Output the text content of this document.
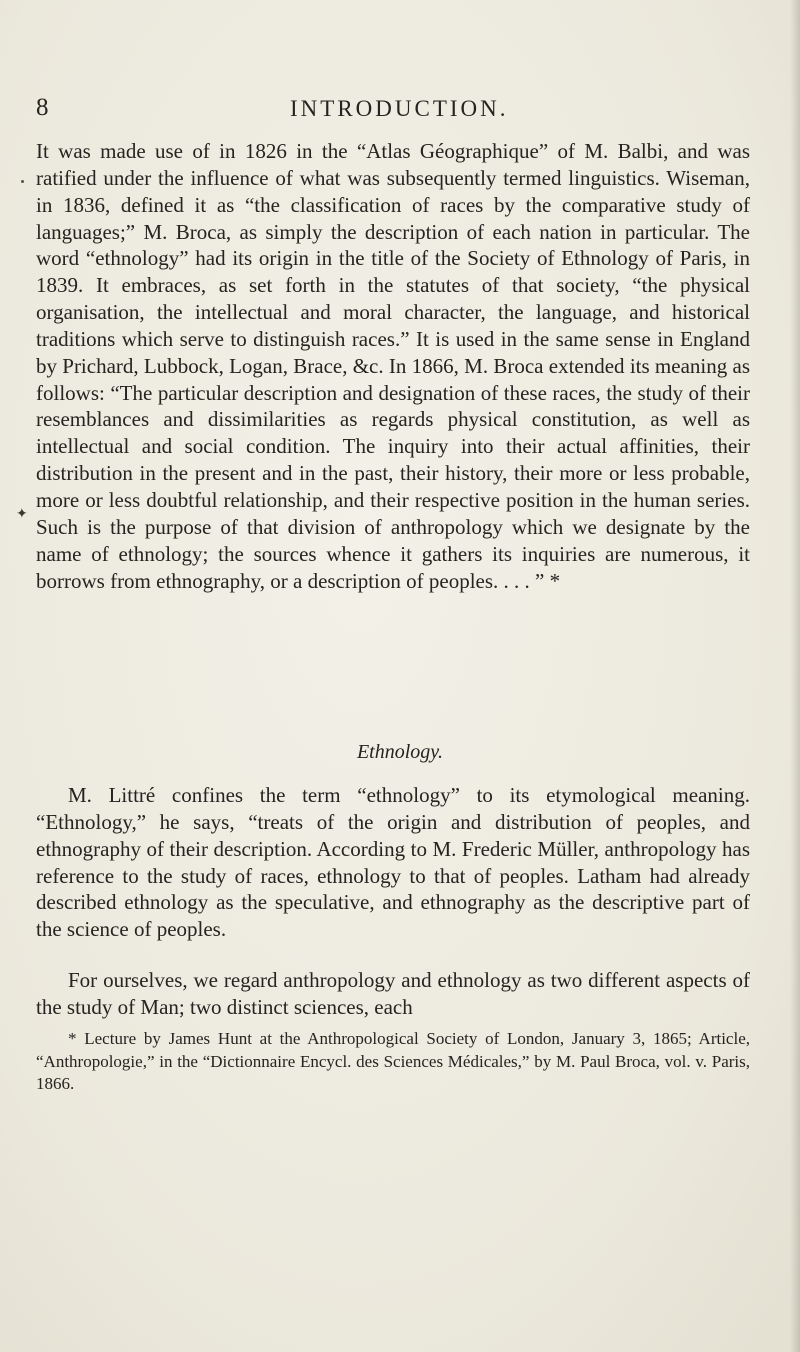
8	INTRODUCTION.
✦

It was made use of in 1826 in the “Atlas Géographique” of M. Balbi, and was ratified under the influence of what was subsequently termed linguistics. Wiseman, in 1836, defined it as “the classification of races by the comparative study of languages;” M. Broca, as simply the description of each nation in particular. The word “ethnology” had its origin in the title of the Society of Ethnology of Paris, in 1839. It embraces, as set forth in the statutes of that society, “the physical organisation, the intellectual and moral character, the language, and historical traditions which serve to distinguish races.” It is used in the same sense in England by Prichard, Lubbock, Logan, Brace, &c. In 1866, M. Broca extended its meaning as follows: “The particular description and designation of these races, the study of their resemblances and dissimilarities as regards physical constitution, as well as intellectual and social condition. The inquiry into their actual affinities, their distribution in the present and in the past, their history, their more or less probable, more or less doubtful relationship, and their respective position in the human series. Such is the purpose of that division of anthropology which we designate by the name of ethnology; the sources whence it gathers its inquiries are numerous, it borrows from ethnography, or a description of peoples. . . . ” *

Ethnology.

M. Littré confines the term “ethnology” to its etymological meaning. “Ethnology,” he says, “treats of the origin and distribution of peoples, and ethnography of their description. According to M. Frederic Müller, anthropology has reference to the study of races, ethnology to that of peoples. Latham had already described ethnology as the speculative, and ethnography as the descriptive part of the science of peoples.

For ourselves, we regard anthropology and ethnology as two different aspects of the study of Man; two distinct sciences, each

* Lecture by James Hunt at the Anthropological Society of London, January 3, 1865; Article, “Anthropologie,” in the “Dictionnaire Encycl. des Sciences Médicales,” by M. Paul Broca, vol. v. Paris, 1866.
